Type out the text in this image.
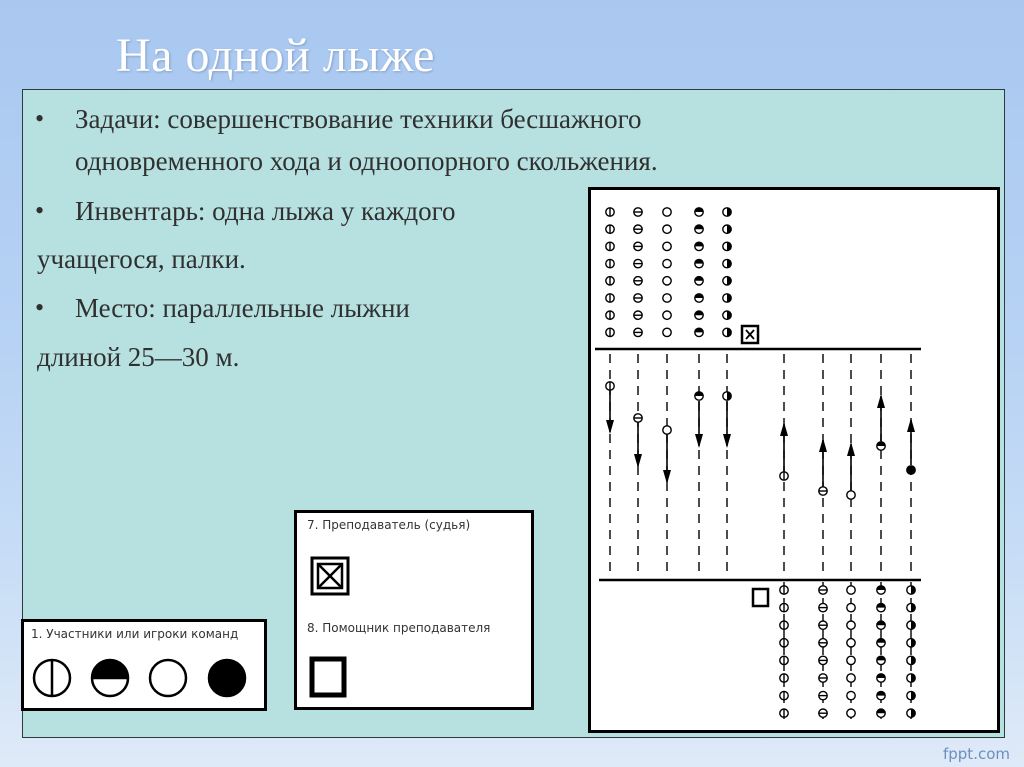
На одной лыже
• Задачи: совершенствование техники бесшажного
одновременного хода и одноопорного скольжения.
• Инвентарь: одна лыжа у каждого
учащегося, палки.
• Место: параллельные лыжни
длиной 25—30 м.
1. Участники или игроки команд
7. Преподаватель (судья)
8. Помощник преподавателя
fppt.com
